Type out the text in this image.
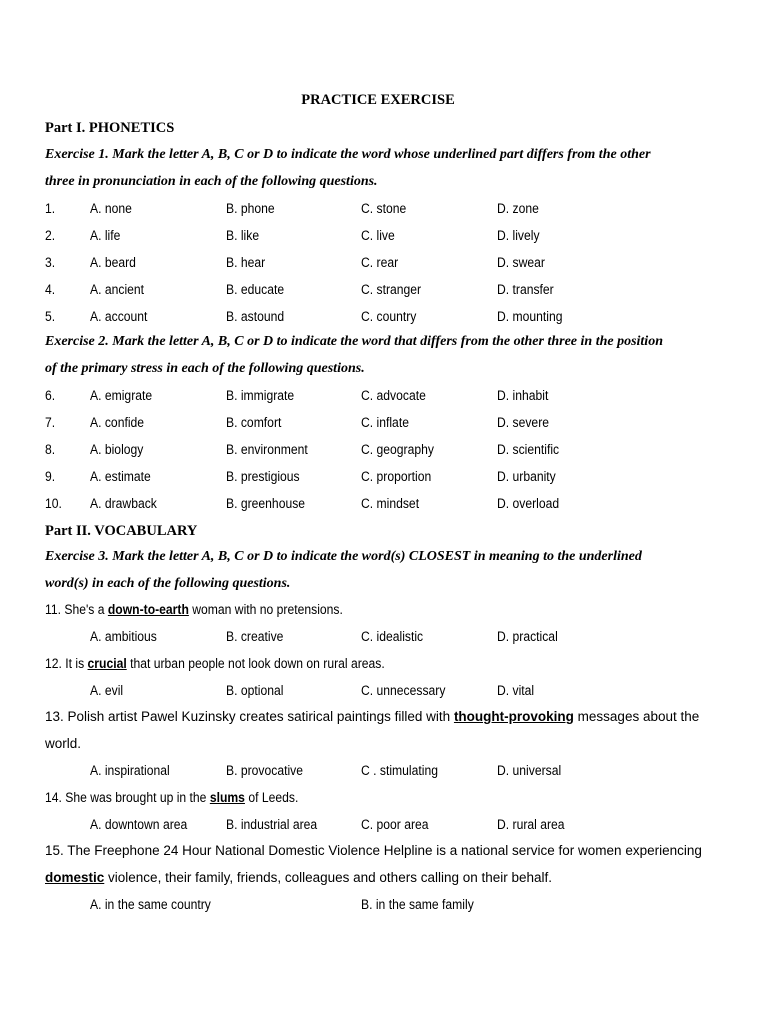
PRACTICE EXERCISE
Part I. PHONETICS
Exercise 1. Mark the letter A, B, C or D to indicate the word whose underlined part differs from the other
three in pronunciation in each of the following questions.
1.	A. none	B. phone	C. stone	D. zone
2.	A. life	B. like	C. live	D. lively
3.	A. beard	B. hear	C. rear	D. swear
4.	A. ancient	B. educate	C. stranger	D. transfer
5.	A. account	B. astound	C. country	D. mounting
Exercise 2. Mark the letter A, B, C or D to indicate the word that differs from the other three in the position
of the primary stress in each of the following questions.
6.	A. emigrate	B. immigrate	C. advocate	D. inhabit
7.	A. confide	B. comfort	C. inflate	D. severe
8.	A. biology	B. environment	C. geography	D. scientific
9.	A. estimate	B. prestigious	C. proportion	D. urbanity
10. A. drawback	B. greenhouse	C. mindset	D. overload
Part II. VOCABULARY
Exercise 3. Mark the letter A, B, C or D to indicate the word(s) CLOSEST in meaning to the underlined
word(s) in each of the following questions.
11. She's a down-to-earth woman with no pretensions.
A. ambitious	B. creative	C. idealistic	D. practical
12. It is crucial that urban people not look down on rural areas.
A. evil	B. optional	C. unnecessary	D. vital
13. Polish artist Pawel Kuzinsky creates satirical paintings filled with thought-provoking messages about the world.
A. inspirational	B. provocative	C . stimulating	D. universal
14. She was brought up in the slums of Leeds.
A. downtown area	B. industrial area	C. poor area	D. rural area
15. The Freephone 24 Hour National Domestic Violence Helpline is a national service for women experiencing domestic violence, their family, friends, colleagues and others calling on their behalf.
A. in the same country	B. in the same family
